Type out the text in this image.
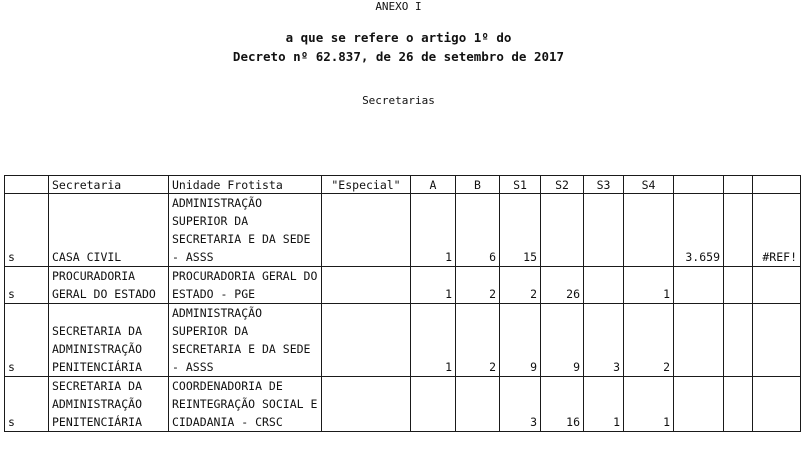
ANEXO I
a que se refere o artigo 1º do
Decreto nº 62.837, de 26 de setembro de 2017
Secretarias
	Secretaria	Unidade Frotista	"Especial"	A	B	S1	S2	S3	S4			
s	CASA CIVIL	ADMINISTRAÇÃO SUPERIOR DA SECRETARIA E DA SEDE - ASSS		1	6	15				3.659		#REF!
s	PROCURADORIA GERAL DO ESTADO	PROCURADORIA GERAL DO ESTADO - PGE		1	2	2	26		1			
s	SECRETARIA DA ADMINISTRAÇÃO PENITENCIÁRIA	ADMINISTRAÇÃO SUPERIOR DA SECRETARIA E DA SEDE - ASSS		1	2	9	9	3	2			
s	SECRETARIA DA ADMINISTRAÇÃO PENITENCIÁRIA	COORDENADORIA DE REINTEGRAÇÃO SOCIAL E CIDADANIA - CRSC				3	16	1	1			
